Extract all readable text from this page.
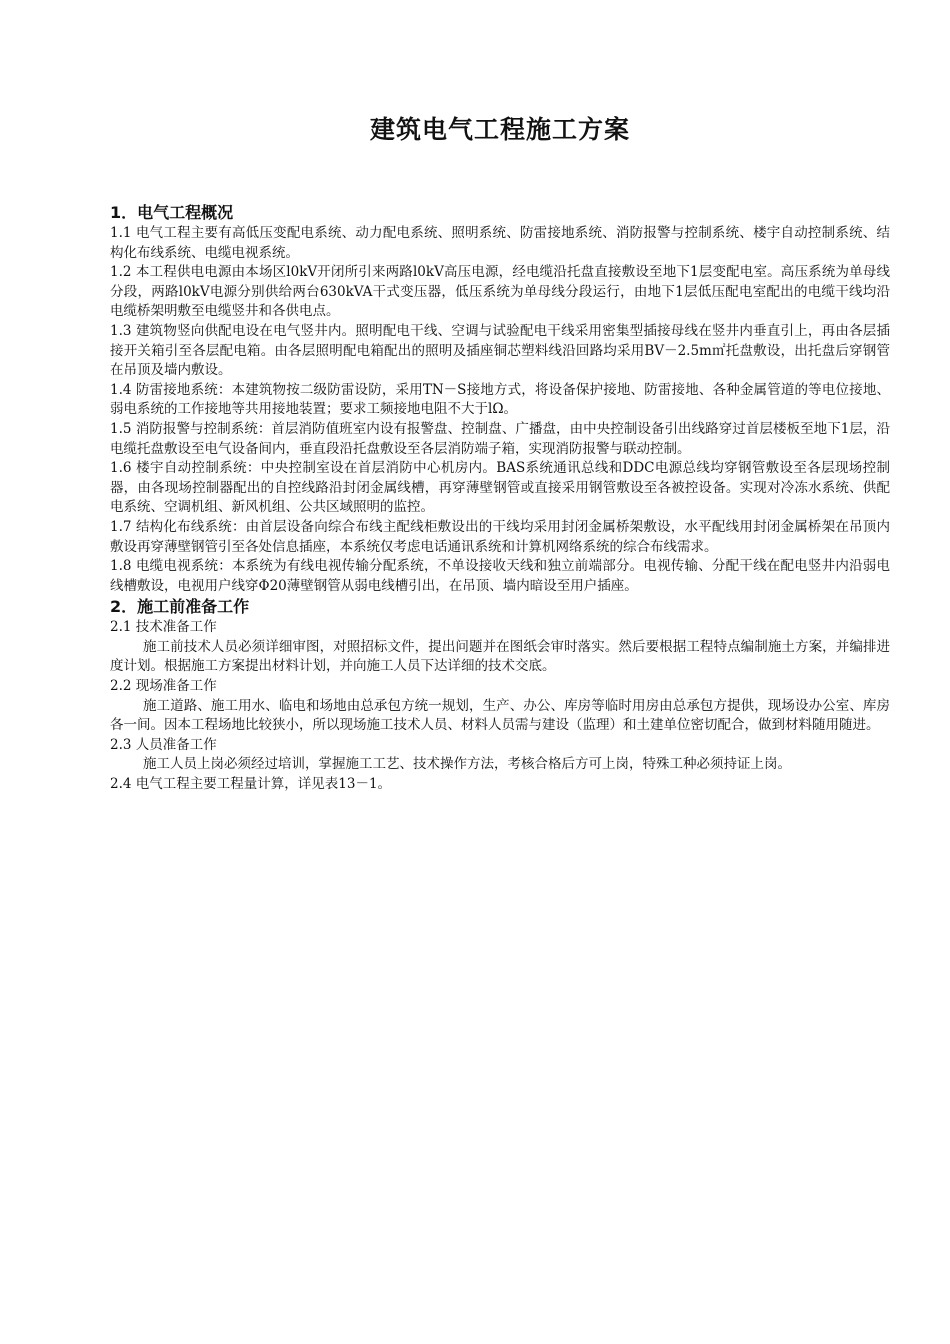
建筑电气工程施工方案
1．电气工程概况

1.1 电气工程主要有高低压变配电系统、动力配电系统、照明系统、防雷接地系统、消防报警与控制系统、楼宇自动控制系统、结构化布线系统、电缆电视系统。

1.2 本工程供电电源由本场区l0kV开闭所引来两路l0kV高压电源，经电缆沿托盘直接敷设至地下1层变配电室。高压系统为单母线分段，两路l0kV电源分别供给两台630kVA干式变压器，低压系统为单母线分段运行，由地下1层低压配电室配出的电缆干线均沿电缆桥架明敷至电缆竖井和各供电点。

1.3 建筑物竖向供配电设在电气竖井内。照明配电干线、空调与试验配电干线采用密集型插接母线在竖井内垂直引上，再由各层插接开关箱引至各层配电箱。由各层照明配电箱配出的照明及插座铜芯塑料线沿回路均采用BV－2.5m㎡托盘敷设，出托盘后穿钢管在吊顶及墙内敷设。

1.4 防雷接地系统：本建筑物按二级防雷设防，采用TN－S接地方式，将设备保护接地、防雷接地、各种金属管道的等电位接地、弱电系统的工作接地等共用接地装置；要求工频接地电阻不大于lΩ。

1.5 消防报警与控制系统：首层消防值班室内设有报警盘、控制盘、广播盘，由中央控制设备引出线路穿过首层楼板至地下1层，沿电缆托盘敷设至电气设备间内，垂直段沿托盘敷设至各层消防端子箱，实现消防报警与联动控制。

1.6 楼宇自动控制系统：中央控制室设在首层消防中心机房内。BAS系统通讯总线和DDC电源总线均穿钢管敷设至各层现场控制器，由各现场控制器配出的自控线路沿封闭金属线槽，再穿薄壁钢管或直接采用钢管敷设至各被控设备。实现对冷冻水系统、供配电系统、空调机组、新风机组、公共区域照明的监控。

1.7 结构化布线系统：由首层设备向综合布线主配线柜敷设出的干线均采用封闭金属桥架敷设，水平配线用封闭金属桥架在吊顶内敷设再穿薄壁钢管引至各处信息插座，本系统仅考虑电话通讯系统和计算机网络系统的综合布线需求。

1.8 电缆电视系统：本系统为有线电视传输分配系统，不单设接收天线和独立前端部分。电视传输、分配干线在配电竖井内沿弱电线槽敷设，电视用户线穿Φ20薄壁钢管从弱电线槽引出，在吊顶、墙内暗设至用户插座。

2．施工前准备工作

2.1 技术准备工作

施工前技术人员必须详细审图，对照招标文件，提出问题并在图纸会审时落实。然后要根据工程特点编制施土方案，并编排进度计划。根据施工方案提出材料计划，并向施工人员下达详细的技术交底。

2.2 现场准备工作

施工道路、施工用水、临电和场地由总承包方统一规划，生产、办公、库房等临时用房由总承包方提供，现场设办公室、库房各一间。因本工程场地比较狭小，所以现场施工技术人员、材料人员需与建设（监理）和土建单位密切配合，做到材料随用随进。

2.3 人员准备工作

施工人员上岗必须经过培训，掌握施工工艺、技术操作方法，考核合格后方可上岗，特殊工种必须持证上岗。

2.4 电气工程主要工程量计算，详见表13－1。
